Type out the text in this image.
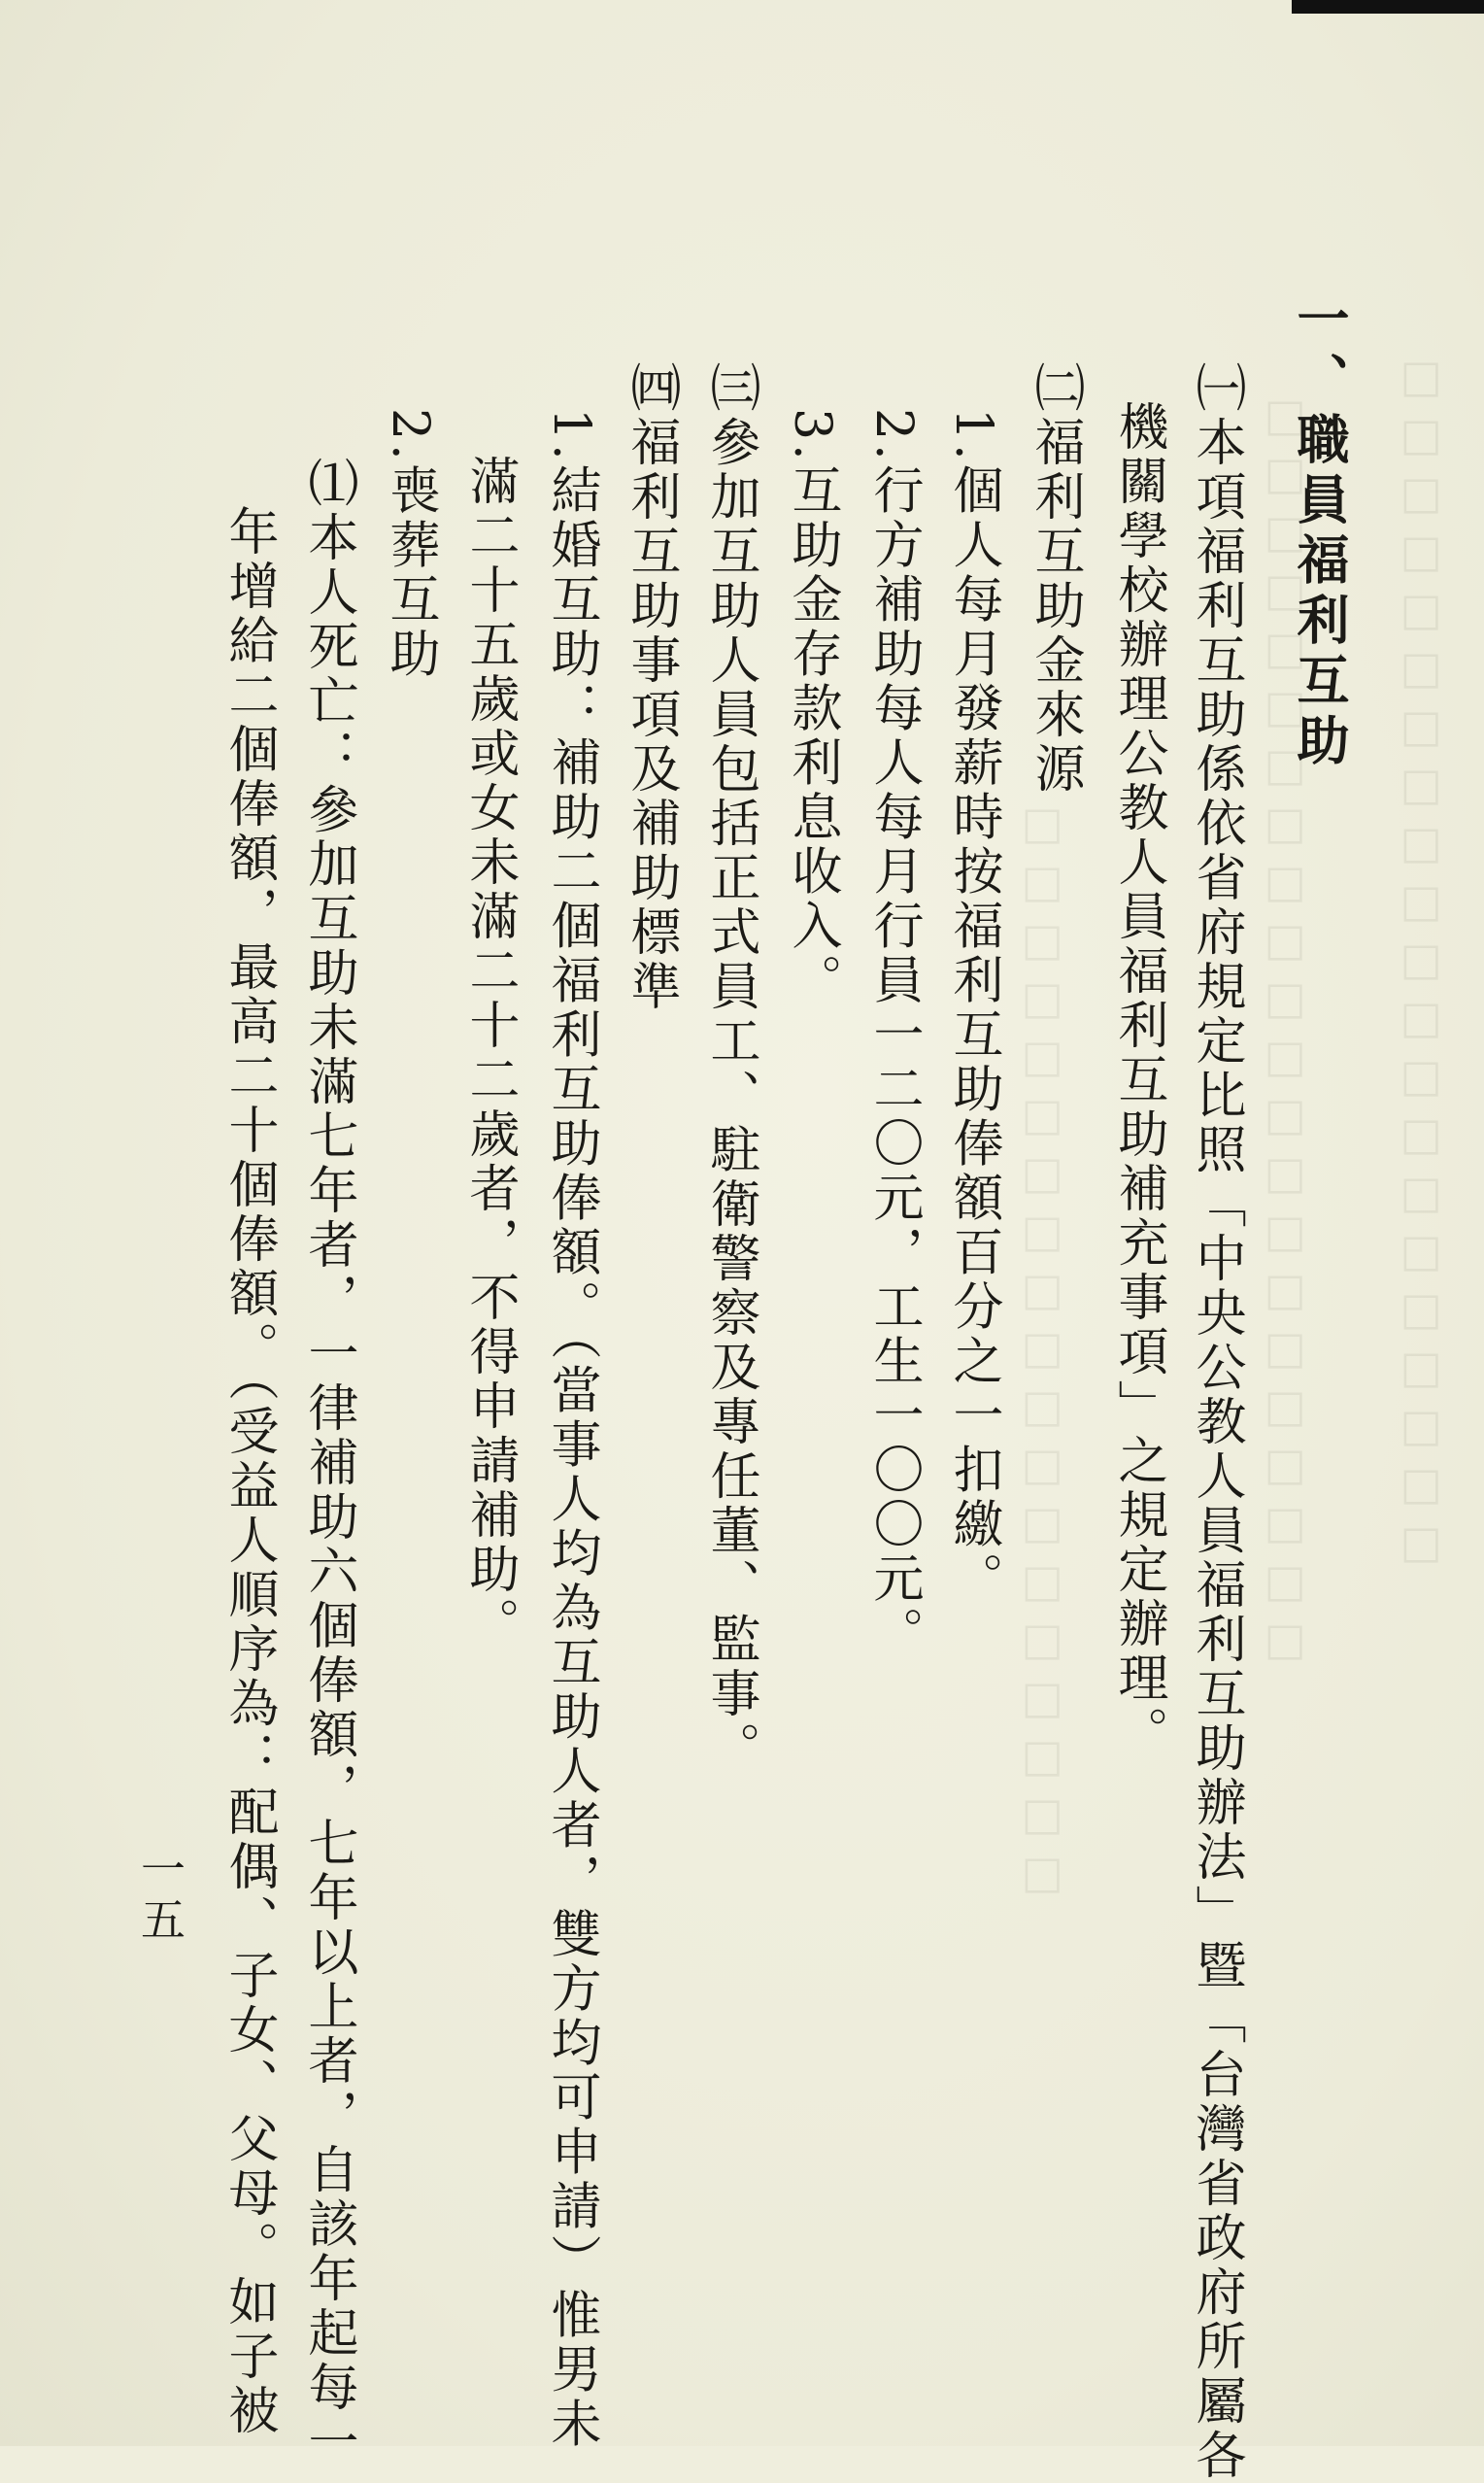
□□□□□□□□□□□□□□□□□□□□□
□□□□□□□□□□□□□□□□□□□□□□
□□□□□□□□□□□□□□□□□□□
一、職員福利互助
㈠本項福利互助係依省府規定比照「中央公教人員福利互助辦法」暨「台灣省政府所屬各
機關學校辦理公教人員福利互助補充事項」之規定辦理。
㈡福利互助金來源
1.個人每月發薪時按福利互助俸額百分之一扣繳。
2.行方補助每人每月行員一二〇元，工生一〇〇元。
3.互助金存款利息收入。
㈢參加互助人員包括正式員工、駐衛警察及專任董、監事。
㈣福利互助事項及補助標準
1.結婚互助：補助二個福利互助俸額。（當事人均為互助人者，雙方均可申請）惟男未
滿二十五歲或女未滿二十二歲者，不得申請補助。
2.喪葬互助
⑴本人死亡：參加互助未滿七年者，一律補助六個俸額，七年以上者，自該年起每一
年增給二個俸額，最高二十個俸額。（受益人順序為：配偶、子女、父母。如子被
一五
